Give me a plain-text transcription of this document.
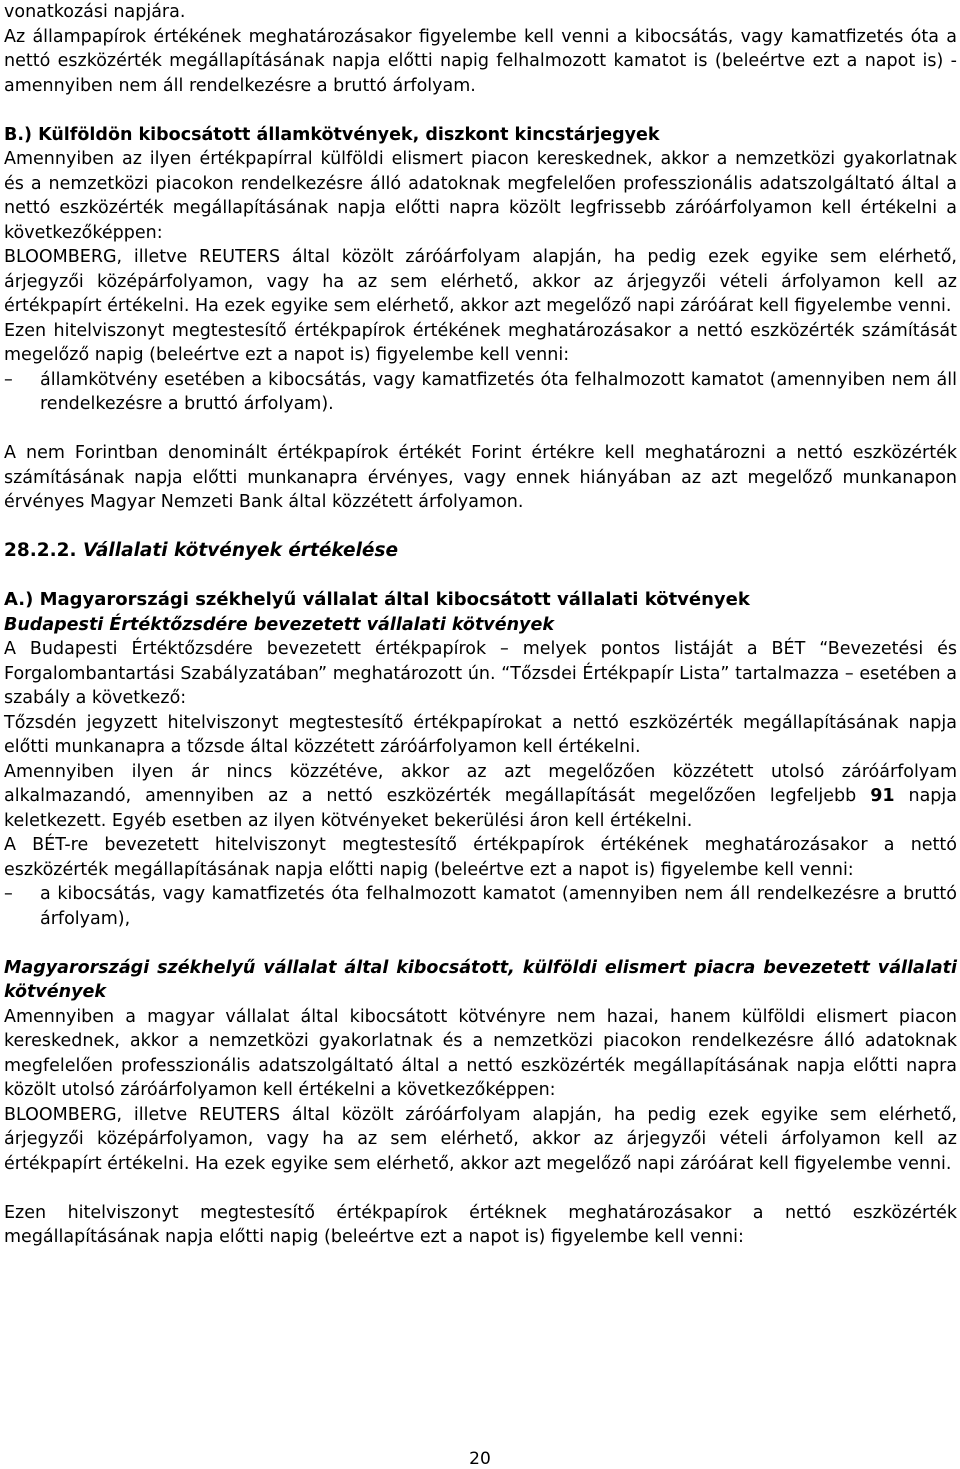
vonatkozási napjára.

Az állampapírok értékének meghatározásakor figyelembe kell venni a kibocsátás, vagy kamatfizetés óta a nettó eszközérték megállapításának napja előtti napig felhalmozott kamatot is (beleértve ezt a napot is) - amennyiben nem áll rendelkezésre a bruttó árfolyam.

B.) Külföldön kibocsátott államkötvények, diszkont kincstárjegyek

Amennyiben az ilyen értékpapírral külföldi elismert piacon kereskednek, akkor a nemzetközi gyakorlatnak és a nemzetközi piacokon rendelkezésre álló adatoknak megfelelően professzionális adatszolgáltató által a nettó eszközérték megállapításának napja előtti napra közölt legfrissebb záróárfolyamon kell értékelni a következőképpen:

BLOOMBERG, illetve REUTERS által közölt záróárfolyam alapján, ha pedig ezek egyike sem elérhető, árjegyzői középárfolyamon, vagy ha az sem elérhető, akkor az árjegyzői vételi árfolyamon kell az értékpapírt értékelni. Ha ezek egyike sem elérhető, akkor azt megelőző napi záróárat kell figyelembe venni.

Ezen hitelviszonyt megtestesítő értékpapírok értékének meghatározásakor a nettó eszközérték számítását megelőző napig (beleértve ezt a napot is) figyelembe kell venni:

–	államkötvény esetében a kibocsátás, vagy kamatfizetés óta felhalmozott kamatot (amennyiben nem áll rendelkezésre a bruttó árfolyam).

A nem Forintban denominált értékpapírok értékét Forint értékre kell meghatározni a nettó eszközérték számításának napja előtti munkanapra érvényes, vagy ennek hiányában az azt megelőző munkanapon érvényes Magyar Nemzeti Bank által közzétett árfolyamon.

28.2.2. Vállalati kötvények értékelése

A.) Magyarországi székhelyű vállalat által kibocsátott vállalati kötvények

Budapesti Értéktőzsdére bevezetett vállalati kötvények

A Budapesti Értéktőzsdére bevezetett értékpapírok – melyek pontos listáját a BÉT “Bevezetési és Forgalombantartási Szabályzatában” meghatározott ún. “Tőzsdei Értékpapír Lista” tartalmazza – esetében a szabály a következő:

Tőzsdén jegyzett hitelviszonyt megtestesítő értékpapírokat a nettó eszközérték megállapításának napja előtti munkanapra a tőzsde által közzétett záróárfolyamon kell értékelni.

Amennyiben ilyen ár nincs közzétéve, akkor az azt megelőzően közzétett utolsó záróárfolyam alkalmazandó, amennyiben az a nettó eszközérték megállapítását megelőzően legfeljebb 91 napja keletkezett. Egyéb esetben az ilyen kötvényeket bekerülési áron kell értékelni.

A BÉT-re bevezetett hitelviszonyt megtestesítő értékpapírok értékének meghatározásakor a nettó eszközérték megállapításának napja előtti napig (beleértve ezt a napot is) figyelembe kell venni:

–	a kibocsátás, vagy kamatfizetés óta felhalmozott kamatot (amennyiben nem áll rendelkezésre a bruttó árfolyam),

Magyarországi székhelyű vállalat által kibocsátott, külföldi elismert piacra bevezetett vállalati kötvények

Amennyiben a magyar vállalat által kibocsátott kötvényre nem hazai, hanem külföldi elismert piacon kereskednek, akkor a nemzetközi gyakorlatnak és a nemzetközi piacokon rendelkezésre álló adatoknak megfelelően professzionális adatszolgáltató által a nettó eszközérték megállapításának napja előtti napra közölt utolsó záróárfolyamon kell értékelni a következőképpen:

BLOOMBERG, illetve REUTERS által közölt záróárfolyam alapján, ha pedig ezek egyike sem elérhető, árjegyzői középárfolyamon, vagy ha az sem elérhető, akkor az árjegyzői vételi árfolyamon kell az értékpapírt értékelni. Ha ezek egyike sem elérhető, akkor azt megelőző napi záróárat kell figyelembe venni.

Ezen hitelviszonyt megtestesítő értékpapírok értéknek meghatározásakor a nettó eszközérték megállapításának napja előtti napig (beleértve ezt a napot is) figyelembe kell venni:

20
